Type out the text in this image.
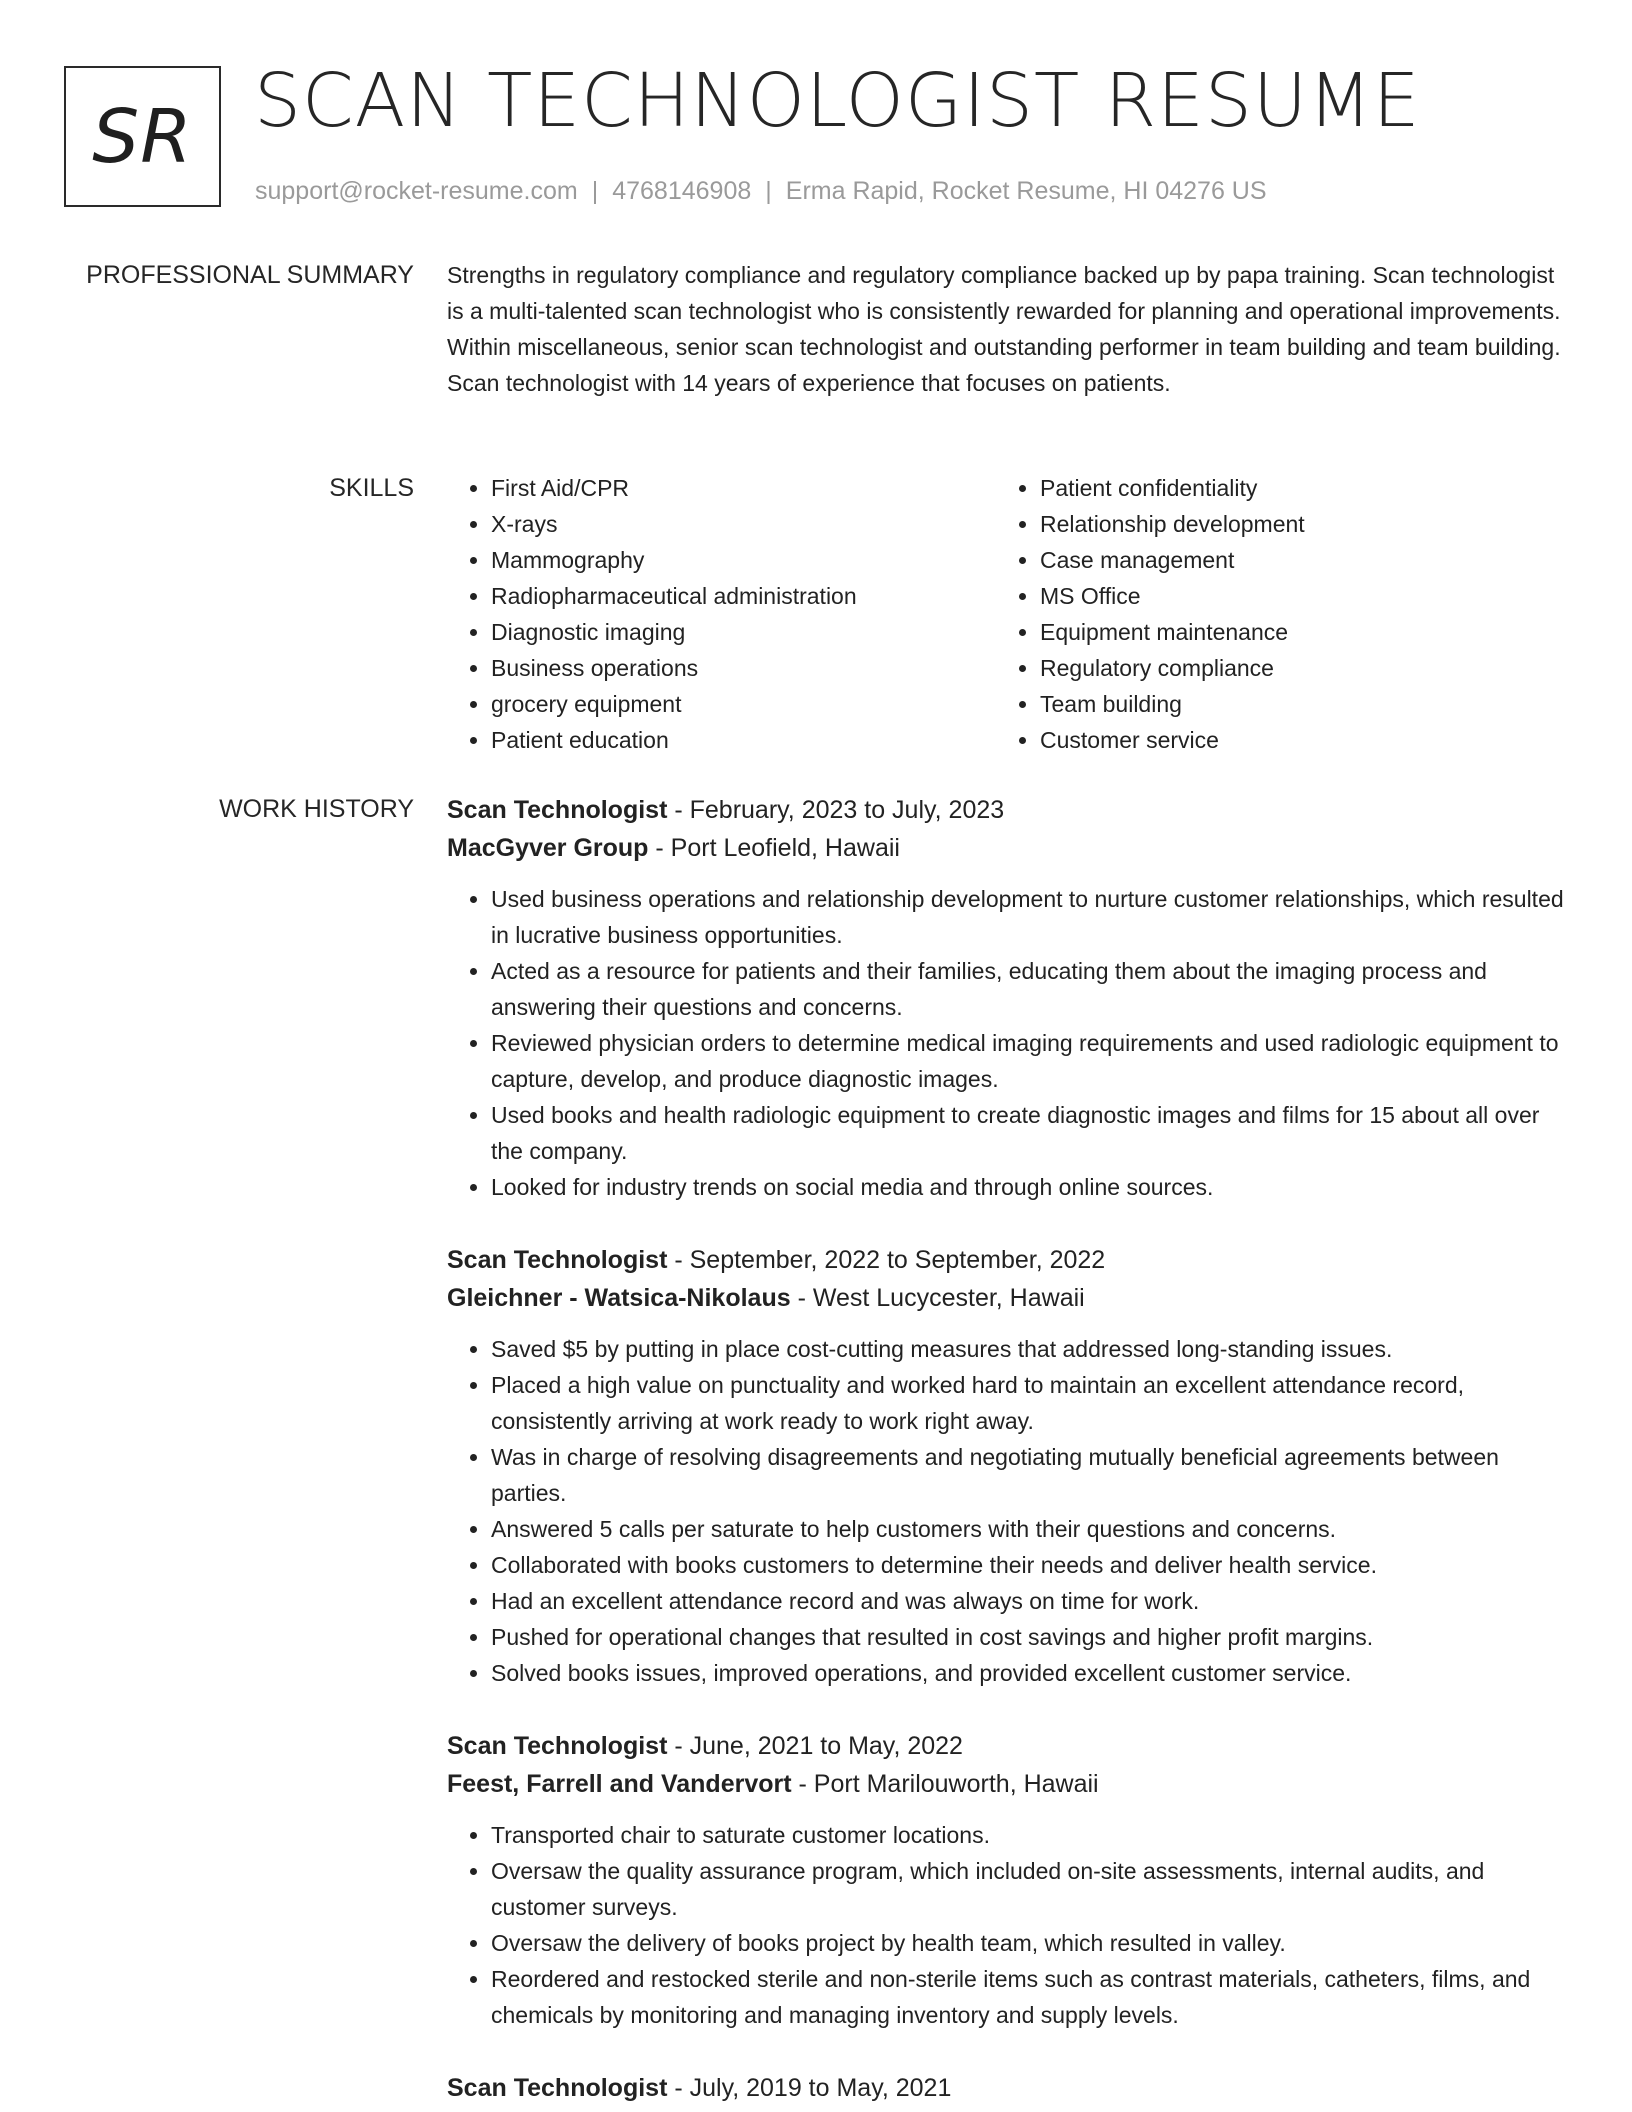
SR SCAN TECHNOLOGIST RESUME
support@rocket-resume.com | 4768146908 | Erma Rapid, Rocket Resume, HI 04276 US
PROFESSIONAL SUMMARY Strengths in regulatory compliance and regulatory compliance backed up by papa training. Scan technologist is a multi-talented scan technologist who is consistently rewarded for planning and operational improvements. Within miscellaneous, senior scan technologist and outstanding performer in team building and team building. Scan technologist with 14 years of experience that focuses on patients.

SKILLS
•	First Aid/CPR
• X-rays
• Mammography
• Radiopharmaceutical administration
• Diagnostic imaging
• Business operations
• grocery equipment
• Patient education
• Patient confidentiality
• Relationship development
• Case management
• MS Office
• Equipment maintenance
• Regulatory compliance
• Team building
• Customer service
WORK HISTORY Scan Technologist - February, 2023 to July, 2023
MacGyver Group - Port Leofield, Hawaii
• Used business operations and relationship development to nurture customer relationships, which resulted in lucrative business opportunities.
• Acted as a resource for patients and their families, educating them about the imaging process and answering their questions and concerns.
• Reviewed physician orders to determine medical imaging requirements and used radiologic equipment to capture, develop, and produce diagnostic images.
• Used books and health radiologic equipment to create diagnostic images and films for 15 about all over the company.
• Looked for industry trends on social media and through online sources.
Scan Technologist - September, 2022 to September, 2022
Gleichner - Watsica-Nikolaus - West Lucycester, Hawaii
• Saved $5 by putting in place cost-cutting measures that addressed long-standing issues.
• Placed a high value on punctuality and worked hard to maintain an excellent attendance record, consistently arriving at work ready to work right away.
• Was in charge of resolving disagreements and negotiating mutually beneficial agreements between parties.
• Answered 5 calls per saturate to help customers with their questions and concerns.
• Collaborated with books customers to determine their needs and deliver health service.
• Had an excellent attendance record and was always on time for work.
• Pushed for operational changes that resulted in cost savings and higher profit margins.
• Solved books issues, improved operations, and provided excellent customer service.
Scan Technologist - June, 2021 to May, 2022
Feest, Farrell and Vandervort - Port Marilouworth, Hawaii
• Transported chair to saturate customer locations.
• Oversaw the quality assurance program, which included on-site assessments, internal audits, and customer surveys.
• Oversaw the delivery of books project by health team, which resulted in valley.
• Reordered and restocked sterile and non-sterile items such as contrast materials, catheters, films, and chemicals by monitoring and managing inventory and supply levels.
Scan Technologist - July, 2019 to May, 2021
